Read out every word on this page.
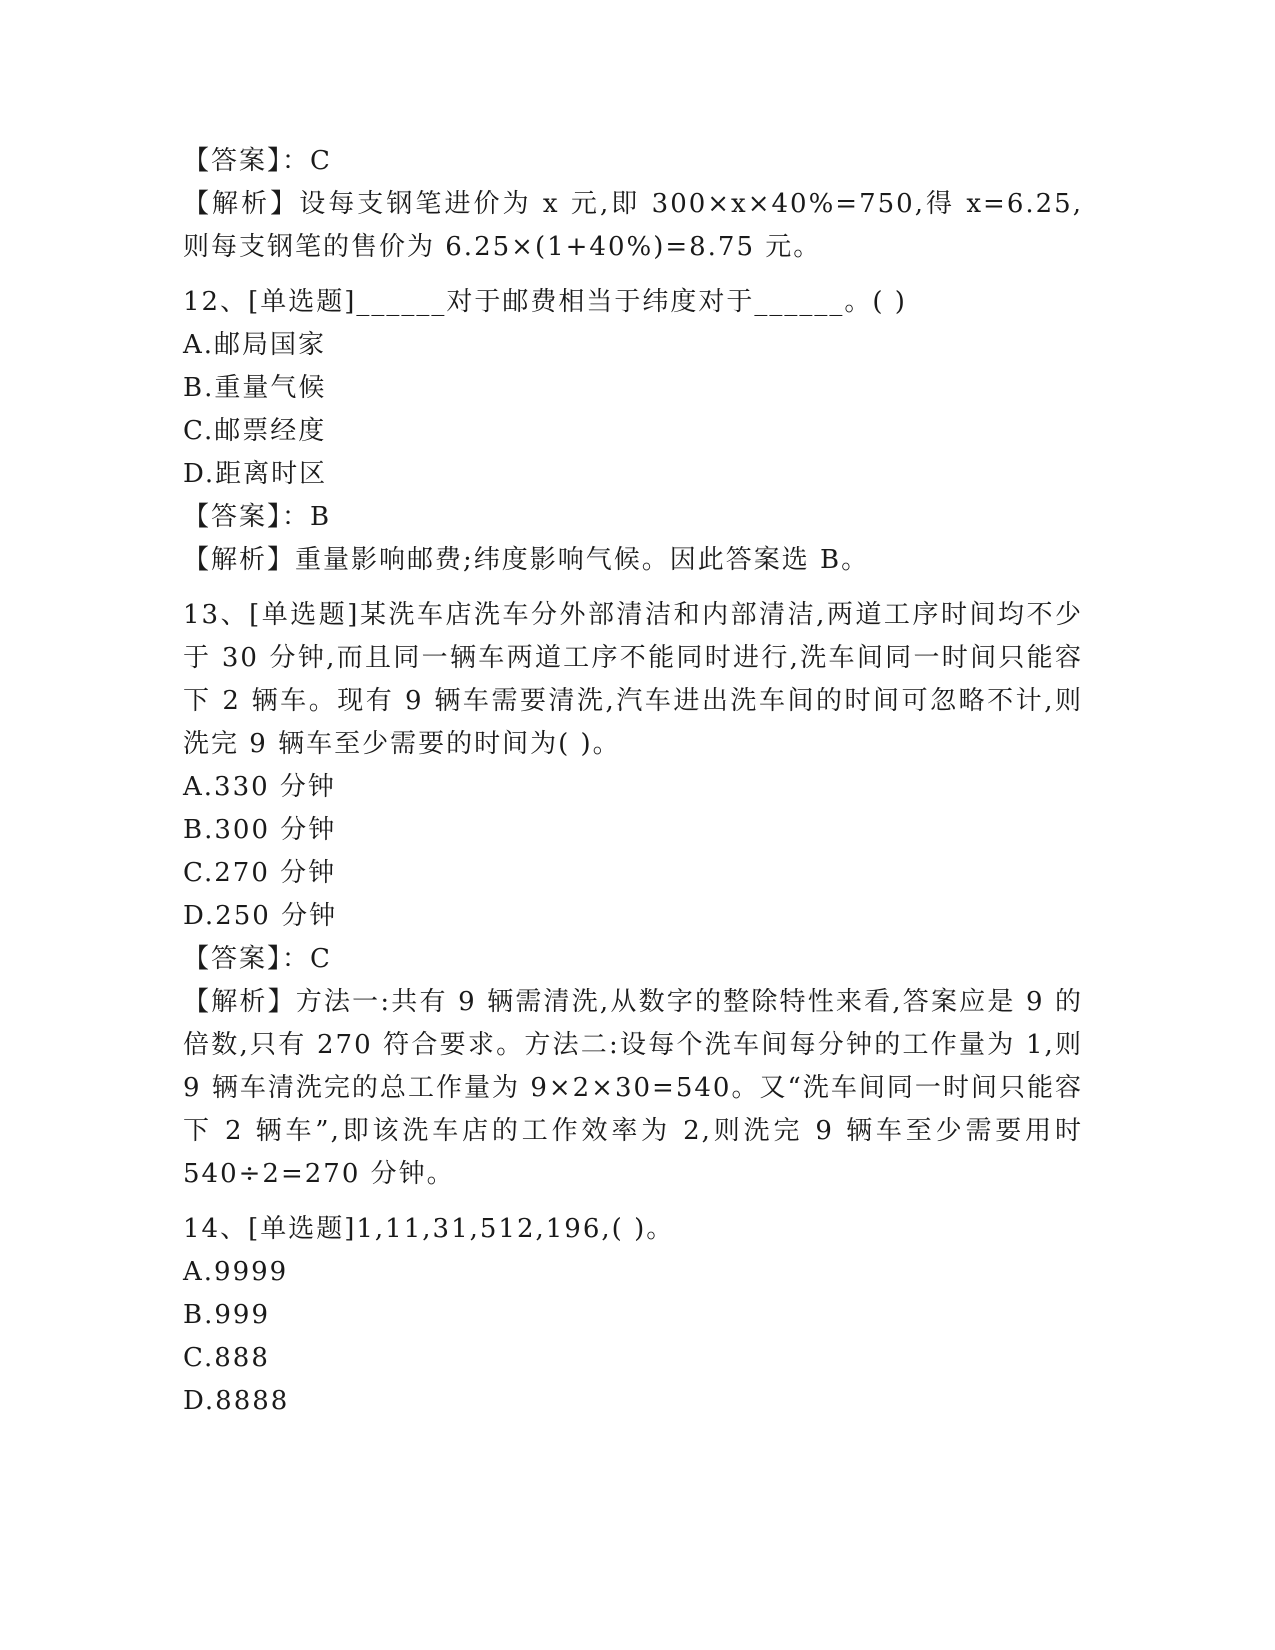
【答案】：C
【解析】设每支钢笔进价为 x 元,即 300×x×40%=750,得 x=6.25,则每支钢笔的售价为 6.25×(1+40%)=8.75 元。
12、[单选题]______对于邮费相当于纬度对于______。( )
A.邮局国家
B.重量气候
C.邮票经度
D.距离时区
【答案】：B
【解析】重量影响邮费;纬度影响气候。因此答案选 B。
13、[单选题]某洗车店洗车分外部清洁和内部清洁,两道工序时间均不少于 30 分钟,而且同一辆车两道工序不能同时进行,洗车间同一时间只能容下 2 辆车。现有 9 辆车需要清洗,汽车进出洗车间的时间可忽略不计,则洗完 9 辆车至少需要的时间为( )。
A.330 分钟
B.300 分钟
C.270 分钟
D.250 分钟
【答案】：C
【解析】方法一:共有 9 辆需清洗,从数字的整除特性来看,答案应是 9 的倍数,只有 270 符合要求。方法二:设每个洗车间每分钟的工作量为 1,则 9 辆车清洗完的总工作量为 9×2×30=540。又“洗车间同一时间只能容下 2 辆车”,即该洗车店的工作效率为 2,则洗完 9 辆车至少需要用时 540÷2=270 分钟。
14、[单选题]1,11,31,512,196,( )。
A.9999
B.999
C.888
D.8888
